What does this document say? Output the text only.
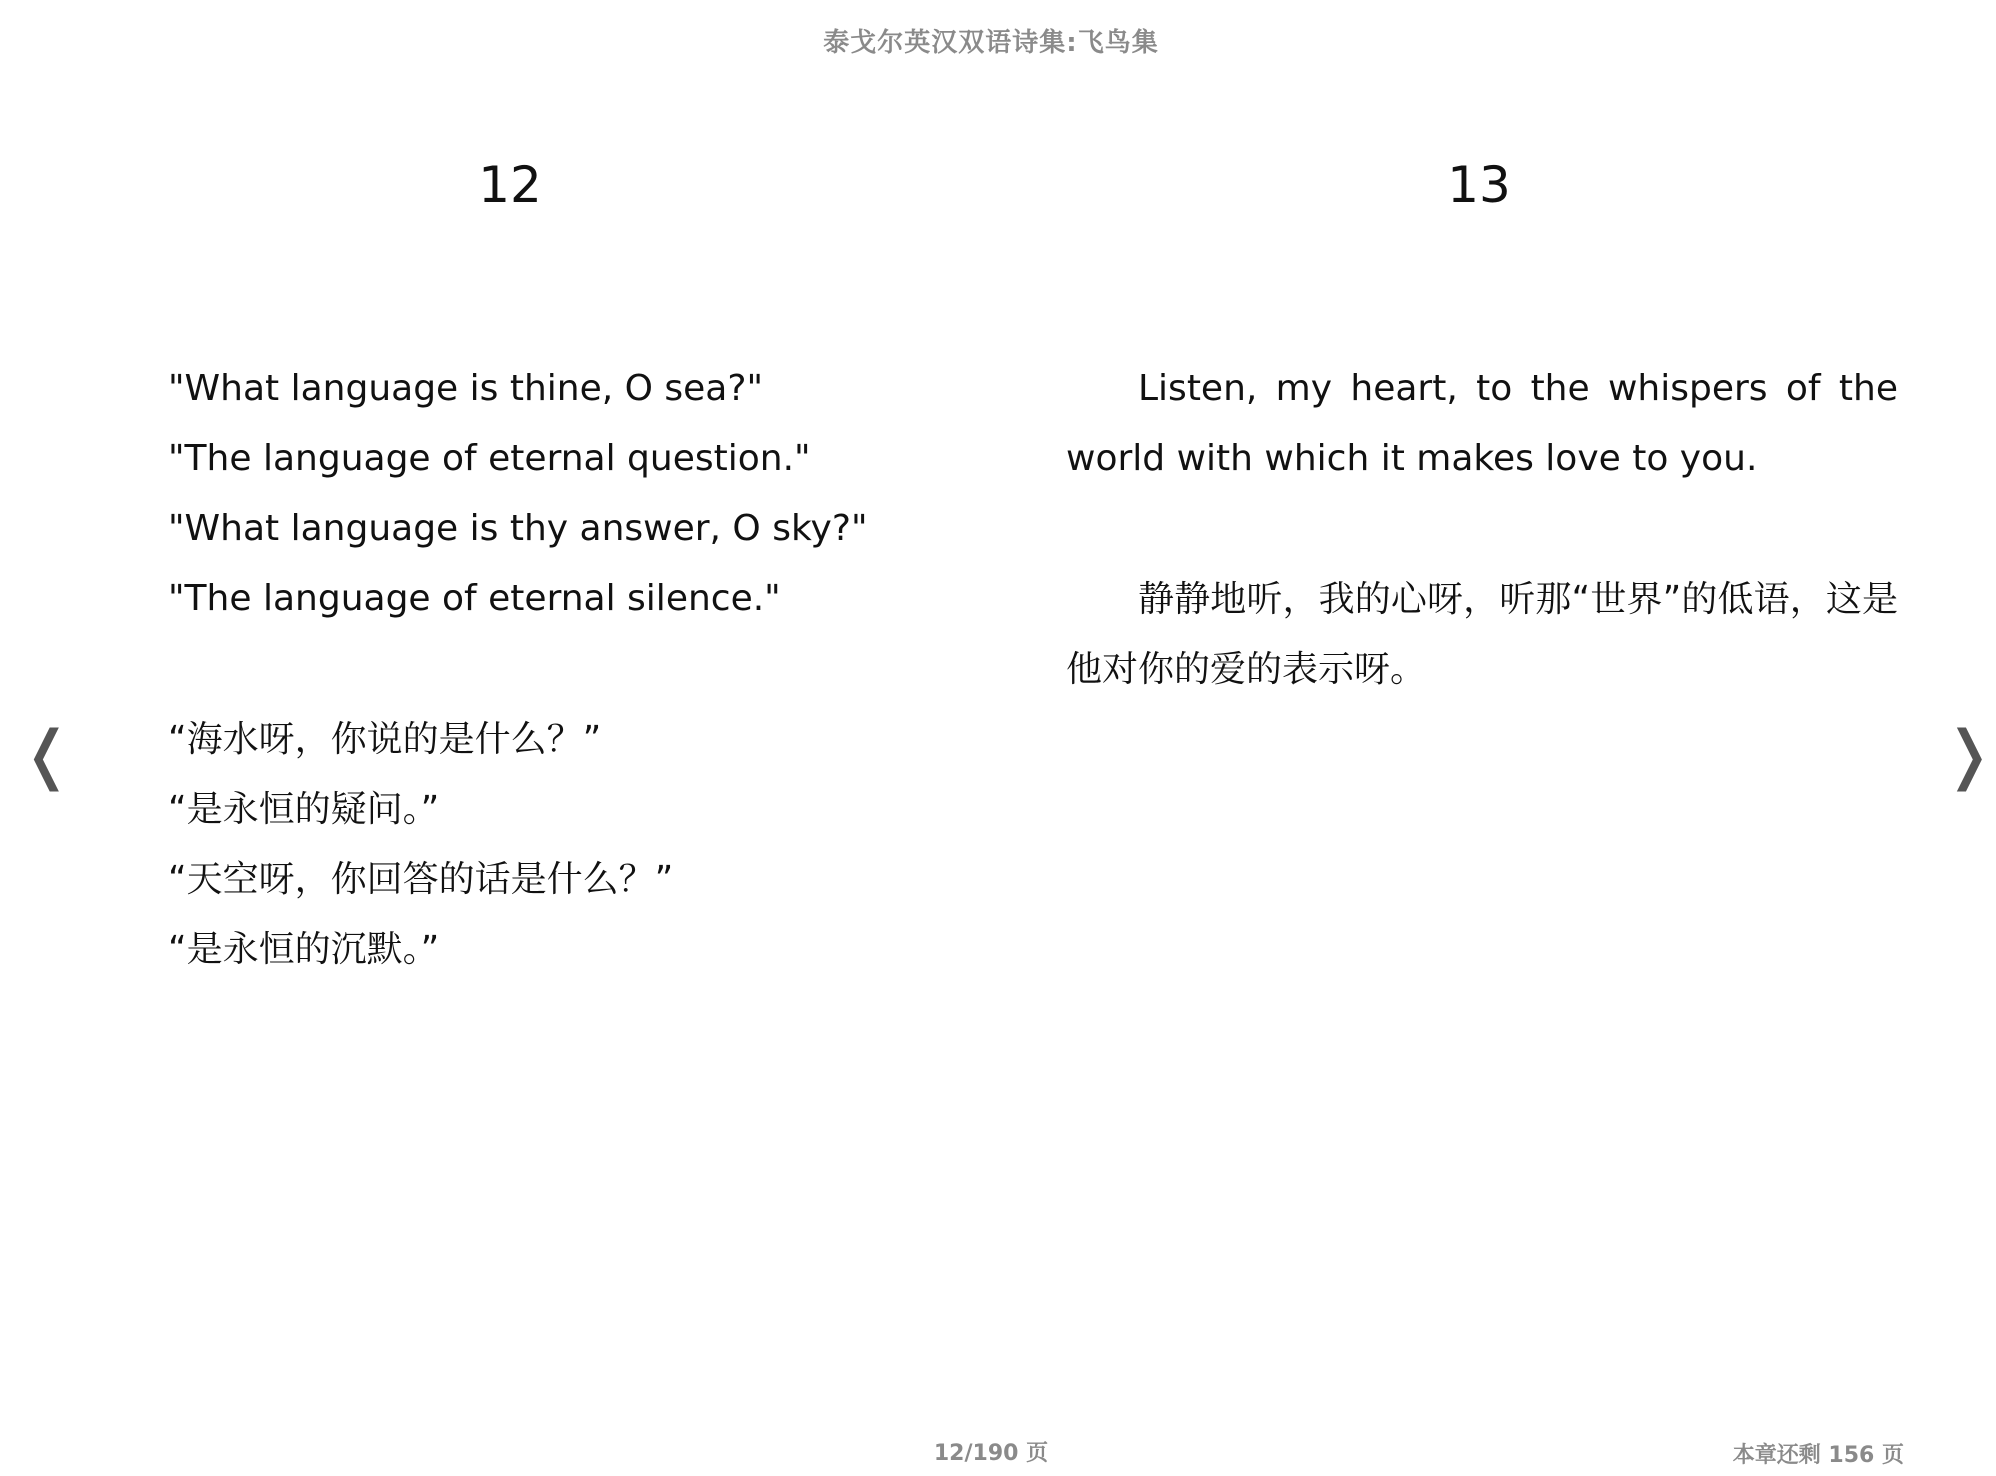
泰戈尔英汉双语诗集:飞鸟集
❬	❭
12
"What language is thine, O sea?"
"The language of eternal question."
"What language is thy answer, O sky?"
"The language of eternal silence."
“海水呀，你说的是什么？”
“是永恒的疑问。”
“天空呀，你回答的话是什么？”
“是永恒的沉默。”
13

Listen, my heart, to the whispers of the world with which it makes love to you.

静静地听，我的心呀，听那“世界”的低语，这是他对你的爱的表示呀。

12/190 页	本章还剩 156 页
